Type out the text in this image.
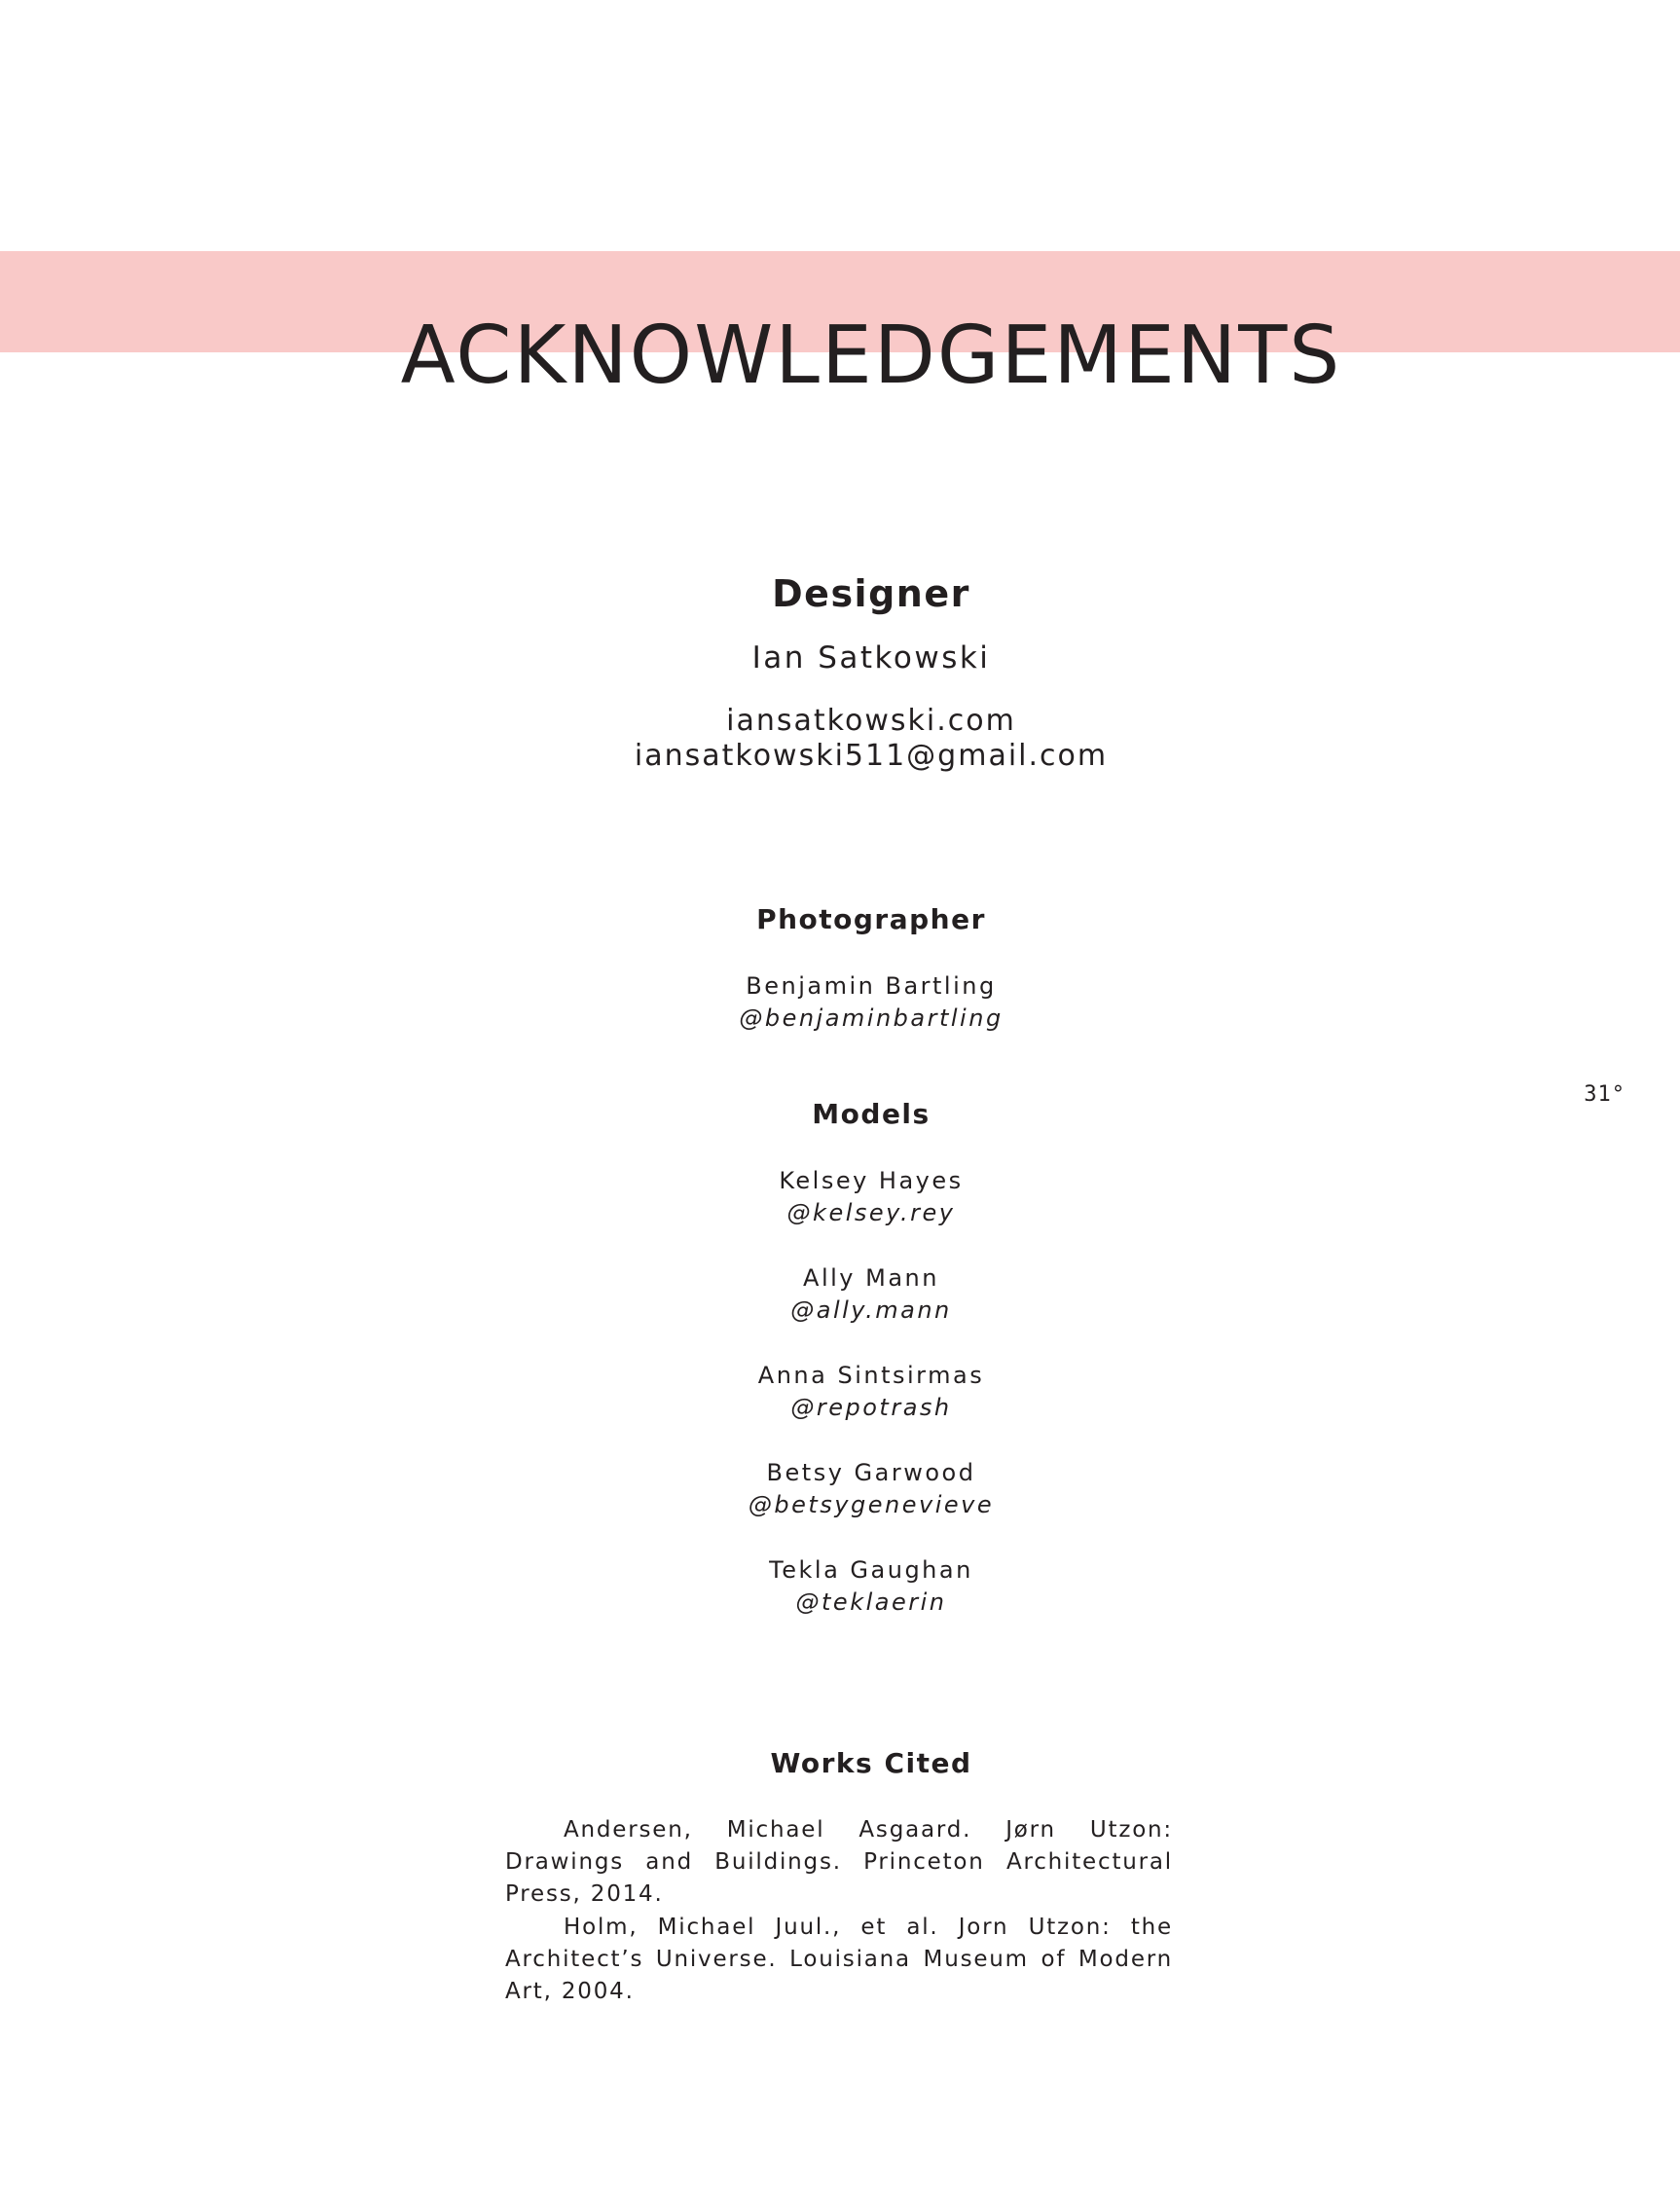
ACKNOWLEDGEMENTS

Designer

Ian Satkowski

iansatkowski.com

iansatkowski511@gmail.com

Photographer

Benjamin Bartling

@benjaminbartling

31°

Models

Kelsey Hayes

@kelsey.rey

Ally Mann

@ally.mann

Anna Sintsirmas

@repotrash

Betsy Garwood

@betsygenevieve

Tekla Gaughan

@teklaerin

Works Cited

Andersen, Michael Asgaard. Jørn Utzon: Drawings and Buildings. Princeton Architectural Press, 2014.

Holm, Michael Juul., et al. Jorn Utzon: the Architect’s Universe. Louisiana Museum of Modern Art, 2004.
